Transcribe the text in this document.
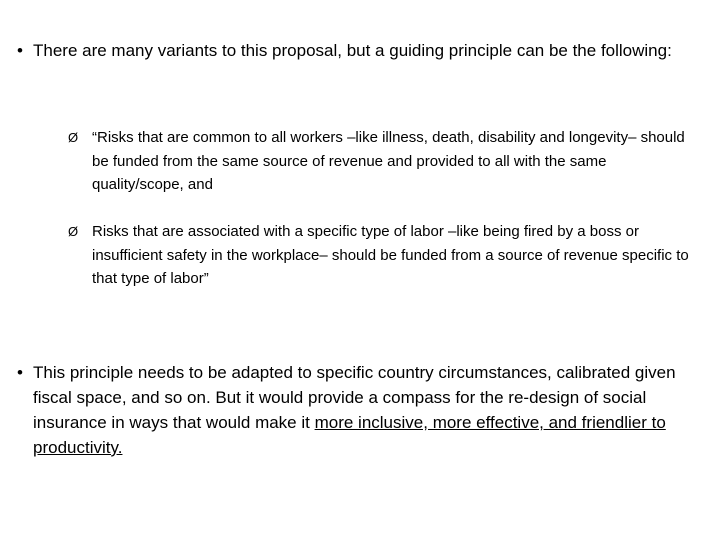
• There are many variants to this proposal, but a guiding principle can be the following:
Ø “Risks that are common to all workers –like illness, death, disability and longevity– should be funded from the same source of revenue and provided to all with the same quality/scope, and
Ø Risks that are associated with a specific type of labor –like being fired by a boss or insufficient safety in the workplace– should be funded from a source of revenue specific to that type of labor”
• This principle needs to be adapted to specific country circumstances, calibrated given fiscal space, and so on. But it would provide a compass for the re-design of social insurance in ways that would make it more inclusive, more effective, and friendlier to productivity.
